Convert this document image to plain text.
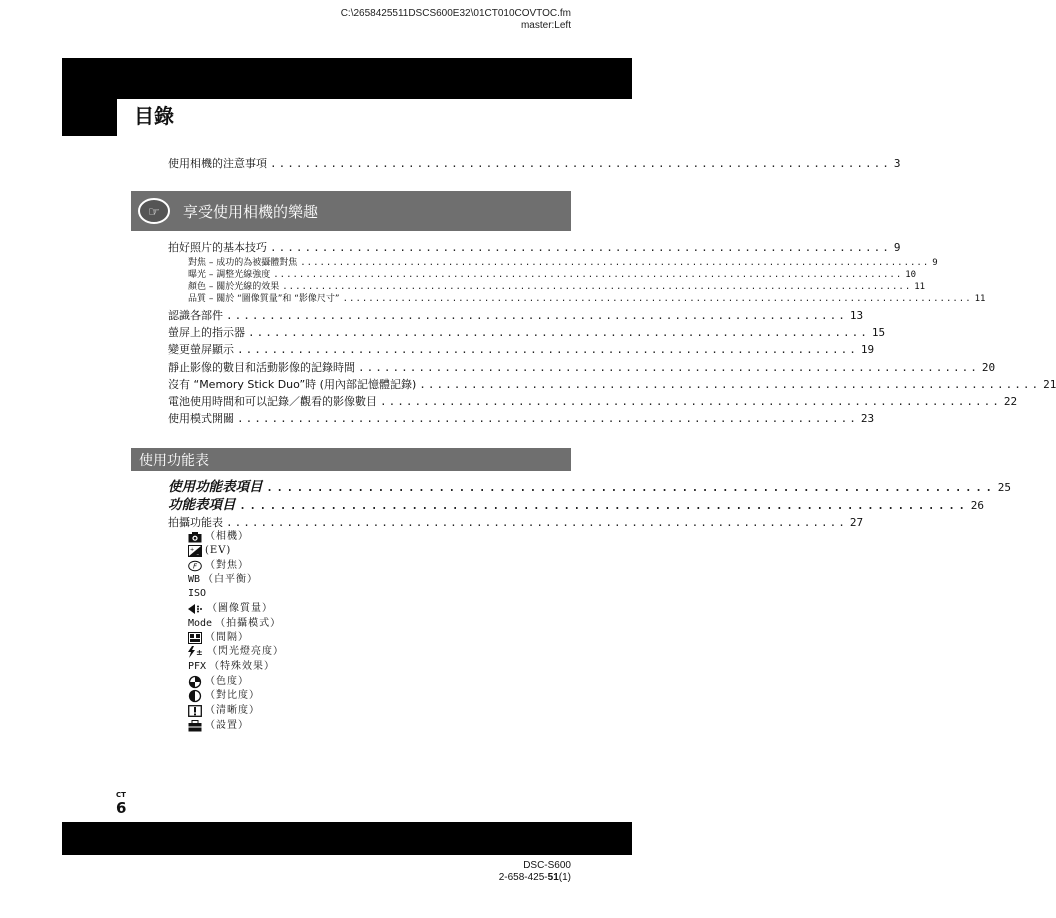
C:\2658425511DSCS600E32\01CT010COVTOC.fm
master:Left
目錄
使用相機的注意事項 ........................................................................ 3
☞ 享受使用相機的樂趣
拍好照片的基本技巧 ........................................................................ 9
對焦 – 成功的為被攝體對焦 .................................................................................................. 9
曝光 – 調整光線強度 .................................................................................................. 10
顏色 – 關於光線的效果 .................................................................................................. 11
品質 – 關於 “圖像質量”和 “影像尺寸” .................................................................................................. 11
認識各部件 ........................................................................ 13
螢屏上的指示器 ........................................................................ 15
變更螢屏顯示 ........................................................................ 19
靜止影像的數目和活動影像的記錄時間 ........................................................................ 20
沒有 “Memory Stick Duo”時 (用內部記憶體記錄) ........................................................................ 21
電池使用時間和可以記錄／觀看的影像數目 ........................................................................ 22
使用模式開關 ........................................................................ 23
使用功能表
使用功能表項目 ........................................................................ 25
功能表項目 ........................................................................ 26
拍攝功能表 ........................................................................ 27
（相機）
+
– (EV)
F （對焦）
WB （白平衡）
ISO
（圖像質量）
Mode （拍攝模式）
（間隔）
± （閃光燈亮度）
PFX （特殊效果）
（色度）
（對比度）
（清晰度）
（設置）
CT
6
DSC-S600
2-658-425-51(1)
